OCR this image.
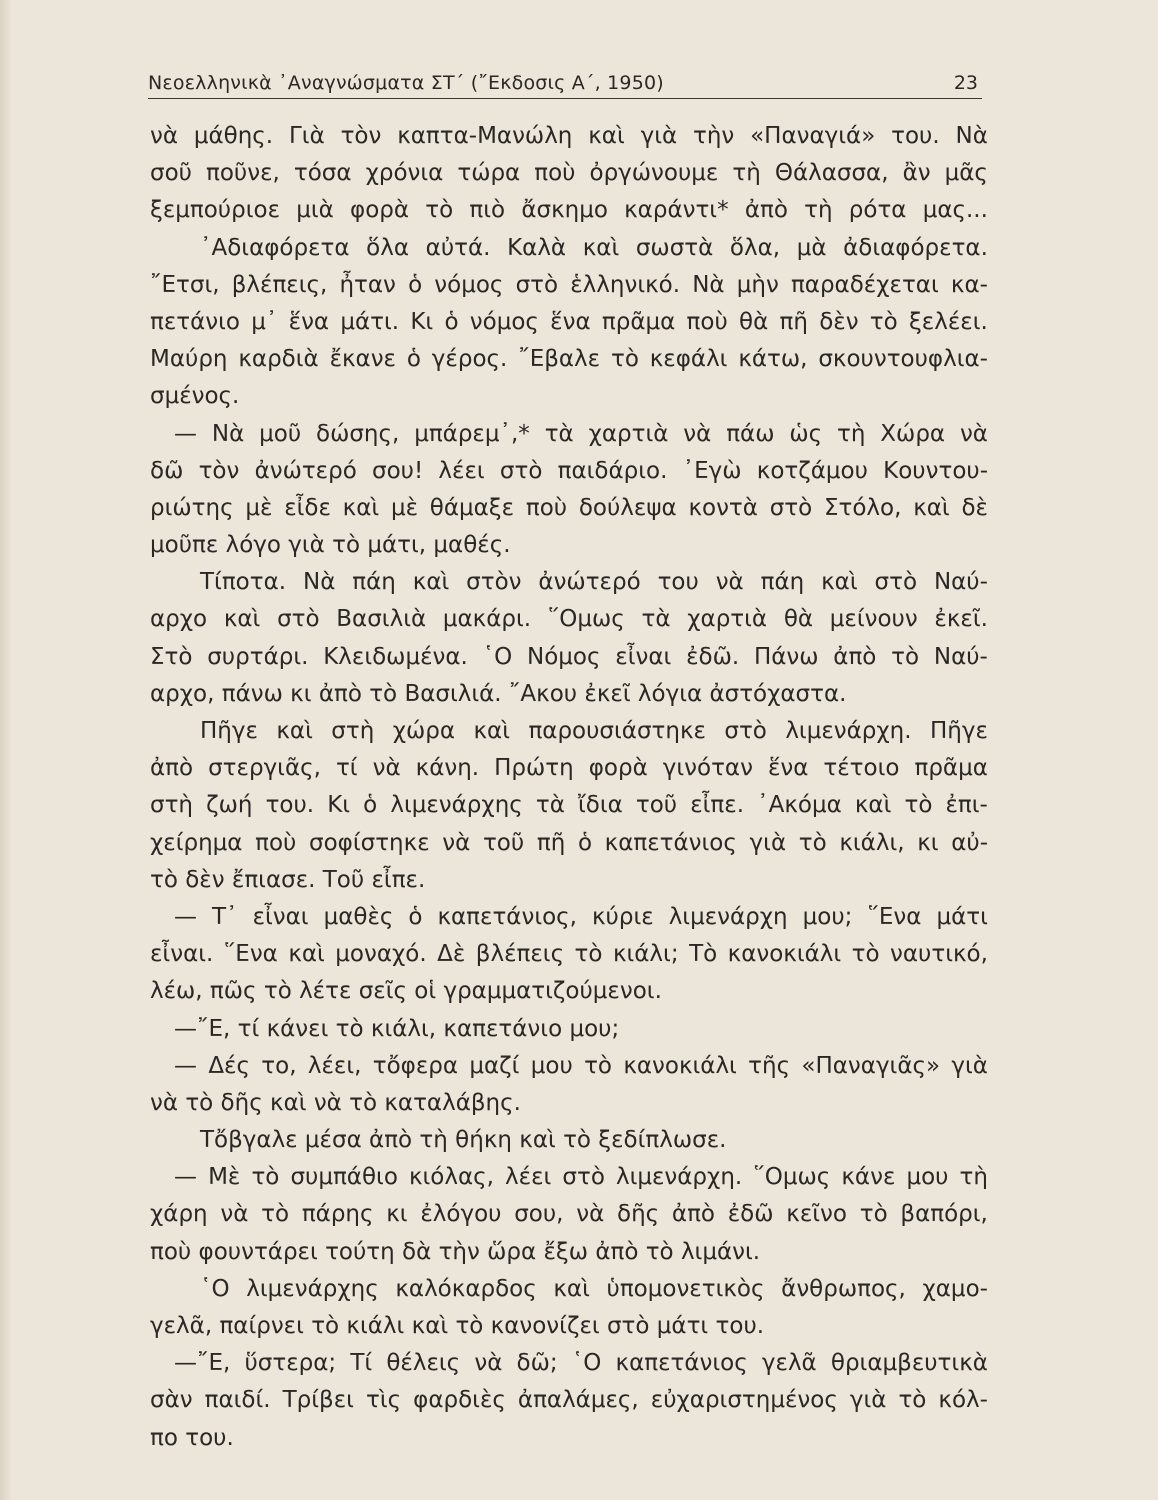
Νεοελληνικὰ ᾿Αναγνώσματα ΣΤ΄ (῎Εκδοσις Α΄, 1950)	23
νὰ μάθης. Γιὰ τὸν καπτα-Μανώλη καὶ γιὰ τὴν «Παναγιά» του. Νὰ
σοῦ ποῦνε, τόσα χρόνια τώρα ποὺ ὀργώνουμε τὴ Θάλασσα, ἂν μᾶς
ξεμπούριοε μιὰ φορὰ τὸ πιὸ ἄσκημο καράντι* ἀπὸ τὴ ρότα μας...
᾿Αδιαφόρετα ὅλα αὐτά. Καλὰ καὶ σωστὰ ὅλα, μὰ ἀδιαφόρετα.
῎Ετσι, βλέπεις, ἦταν ὁ νόμος στὸ ἑλληνικό. Νὰ μὴν παραδέχεται κα-
πετάνιο μ᾿ ἕνα μάτι. Κι ὁ νόμος ἕνα πρᾶμα ποὺ θὰ πῆ δὲν τὸ ξελέει.
Μαύρη καρδιὰ ἔκανε ὁ γέρος. ῎Εβαλε τὸ κεφάλι κάτω, σκουντουφλια-
σμένος.
— Νὰ μοῦ δώσης, μπάρεμ᾿,* τὰ χαρτιὰ νὰ πάω ὡς τὴ Χώρα νὰ
δῶ τὸν ἀνώτερό σου! λέει στὸ παιδάριο. ᾿Εγὼ κοτζάμου Κουντου-
ριώτης μὲ εἶδε καὶ μὲ θάμαξε ποὺ δούλεψα κοντὰ στὸ Στόλο, καὶ δὲ
μοῦπε λόγο γιὰ τὸ μάτι, μαθές.
Τίποτα. Νὰ πάη καὶ στὸν ἀνώτερό του νὰ πάη καὶ στὸ Ναύ-
αρχο καὶ στὸ Βασιλιὰ μακάρι. ῞Ομως τὰ χαρτιὰ θὰ μείνουν ἐκεῖ.
Στὸ συρτάρι. Κλειδωμένα. ῾Ο Νόμος εἶναι ἐδῶ. Πάνω ἀπὸ τὸ Ναύ-
αρχο, πάνω κι ἀπὸ τὸ Βασιλιά. ῎Ακου ἐκεῖ λόγια ἀστόχαστα.
Πῆγε καὶ στὴ χώρα καὶ παρουσιάστηκε στὸ λιμενάρχη. Πῆγε
ἀπὸ στεργιᾶς, τί νὰ κάνη. Πρώτη φορὰ γινόταν ἕνα τέτοιο πρᾶμα
στὴ ζωή του. Κι ὁ λιμενάρχης τὰ ἴδια τοῦ εἶπε. ᾿Ακόμα καὶ τὸ ἐπι-
χείρημα ποὺ σοφίστηκε νὰ τοῦ πῆ ὁ καπετάνιος γιὰ τὸ κιάλι, κι αὐ-
τὸ δὲν ἔπιασε. Τοῦ εἶπε.
— Τ᾿ εἶναι μαθὲς ὁ καπετάνιος, κύριε λιμενάρχη μου; ῞Ενα μάτι
εἶναι. ῞Ενα καὶ μοναχό. Δὲ βλέπεις τὸ κιάλι; Τὸ κανοκιάλι τὸ ναυτικό,
λέω, πῶς τὸ λέτε σεῖς οἱ γραμματιζούμενοι.
—῎Ε, τί κάνει τὸ κιάλι, καπετάνιο μου;
— Δές το, λέει, τὄφερα μαζί μου τὸ κανοκιάλι τῆς «Παναγιᾶς» γιὰ
νὰ τὸ δῆς καὶ νὰ τὸ καταλάβης.
Τὄβγαλε μέσα ἀπὸ τὴ θήκη καὶ τὸ ξεδίπλωσε.
— Μὲ τὸ συμπάθιο κιόλας, λέει στὸ λιμενάρχη. ῞Ομως κάνε μου τὴ
χάρη νὰ τὸ πάρης κι ἐλόγου σου, νὰ δῆς ἀπὸ ἐδῶ κεῖνο τὸ βαπόρι,
ποὺ φουντάρει τούτη δὰ τὴν ὥρα ἔξω ἀπὸ τὸ λιμάνι.
῾Ο λιμενάρχης καλόκαρδος καὶ ὑπομονετικὸς ἄνθρωπος, χαμο-
γελᾶ, παίρνει τὸ κιάλι καὶ τὸ κανονίζει στὸ μάτι του.
—῎Ε, ὕστερα; Τί θέλεις νὰ δῶ; ῾Ο καπετάνιος γελᾶ θριαμβευτικὰ
σὰν παιδί. Τρίβει τὶς φαρδιὲς ἀπαλάμες, εὐχαριστημένος γιὰ τὸ κόλ-
πο του.
